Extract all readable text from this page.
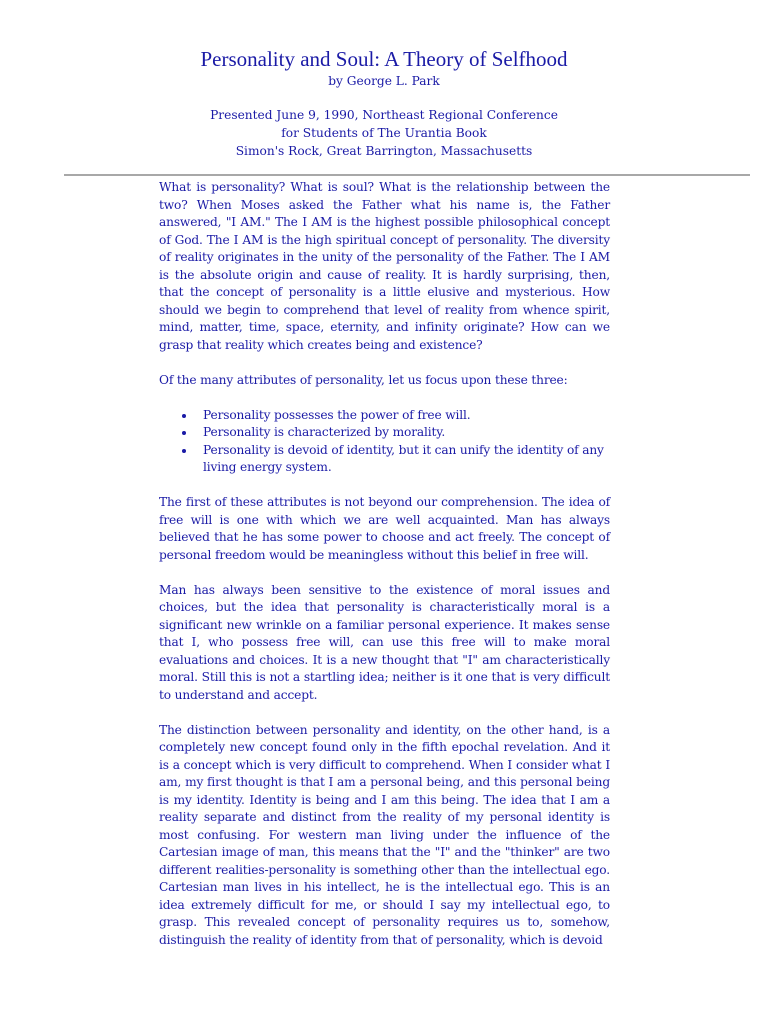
Personality and Soul: A Theory of Selfhood
by George L. Park
Presented June 9, 1990, Northeast Regional Conference
for Students of The Urantia Book
Simon's Rock, Great Barrington, Massachusetts

What is personality? What is soul? What is the relationship between the two? When Moses asked the Father what his name is, the Father answered, "I AM." The I AM is the highest possible philosophical concept of God. The I AM is the high spiritual concept of personality. The diversity of reality originates in the unity of the personality of the Father. The I AM is the absolute origin and cause of reality. It is hardly surprising, then, that the concept of personality is a little elusive and mysterious. How should we begin to comprehend that level of reality from whence spirit, mind, matter, time, space, eternity, and infinity originate? How can we grasp that reality which creates being and existence?

Of the many attributes of personality, let us focus upon these three:

Personality possesses the power of free will.
Personality is characterized by morality.
Personality is devoid of identity, but it can unify the identity of any living energy system.

The first of these attributes is not beyond our comprehension. The idea of free will is one with which we are well acquainted. Man has always believed that he has some power to choose and act freely. The concept of personal freedom would be meaningless without this belief in free will.

Man has always been sensitive to the existence of moral issues and choices, but the idea that personality is characteristically moral is a significant new wrinkle on a familiar personal experience. It makes sense that I, who possess free will, can use this free will to make moral evaluations and choices. It is a new thought that "I" am characteristically moral. Still this is not a startling idea; neither is it one that is very difficult to understand and accept.

The distinction between personality and identity, on the other hand, is a completely new concept found only in the fifth epochal revelation. And it is a concept which is very difficult to comprehend. When I consider what I am, my first thought is that I am a personal being, and this personal being is my identity. Identity is being and I am this being. The idea that I am a reality separate and distinct from the reality of my personal identity is most confusing. For western man living under the influence of the Cartesian image of man, this means that the "I" and the "thinker" are two different realities-personality is something other than the intellectual ego. Cartesian man lives in his intellect, he is the intellectual ego. This is an idea extremely difficult for me, or should I say my intellectual ego, to grasp. This revealed concept of personality requires us to, somehow, distinguish the reality of identity from that of personality, which is devoid
